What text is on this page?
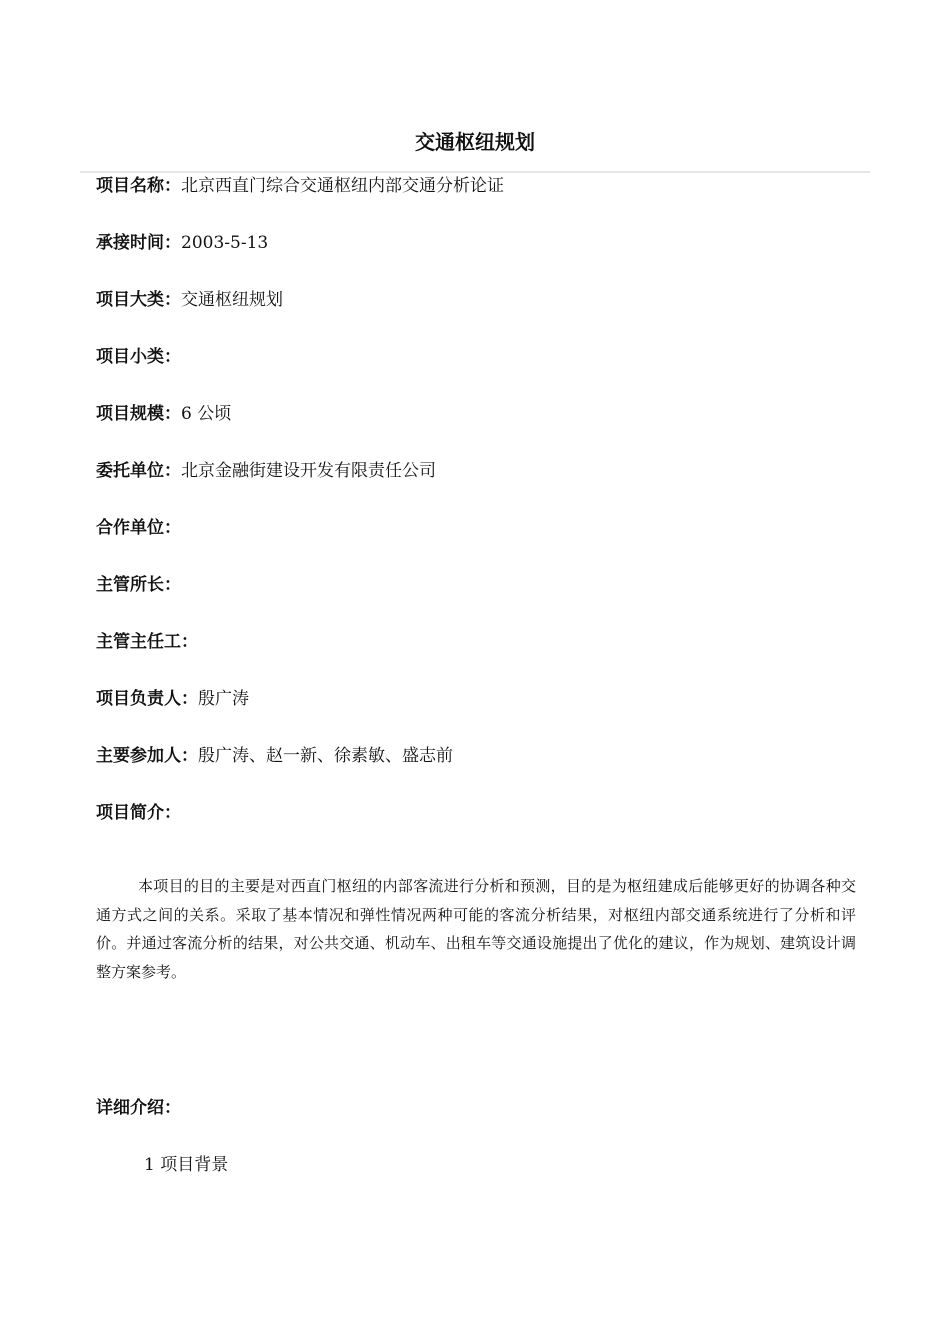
交通枢纽规划
项目名称：北京西直门综合交通枢纽内部交通分析论证
承接时间：2003-5-13
项目大类：交通枢纽规划
项目小类：
项目规模：6 公顷
委托单位：北京金融街建设开发有限责任公司
合作单位：
主管所长：
主管主任工：
项目负责人：殷广涛
主要参加人：殷广涛、赵一新、徐素敏、盛志前
项目简介：
本项目的目的主要是对西直门枢纽的内部客流进行分析和预测，目的是为枢纽建成后能够更好的协调各种交通方式之间的关系。采取了基本情况和弹性情况两种可能的客流分析结果，对枢纽内部交通系统进行了分析和评价。并通过客流分析的结果，对公共交通、机动车、出租车等交通设施提出了优化的建议，作为规划、建筑设计调整方案参考。
详细介绍：
1 项目背景
